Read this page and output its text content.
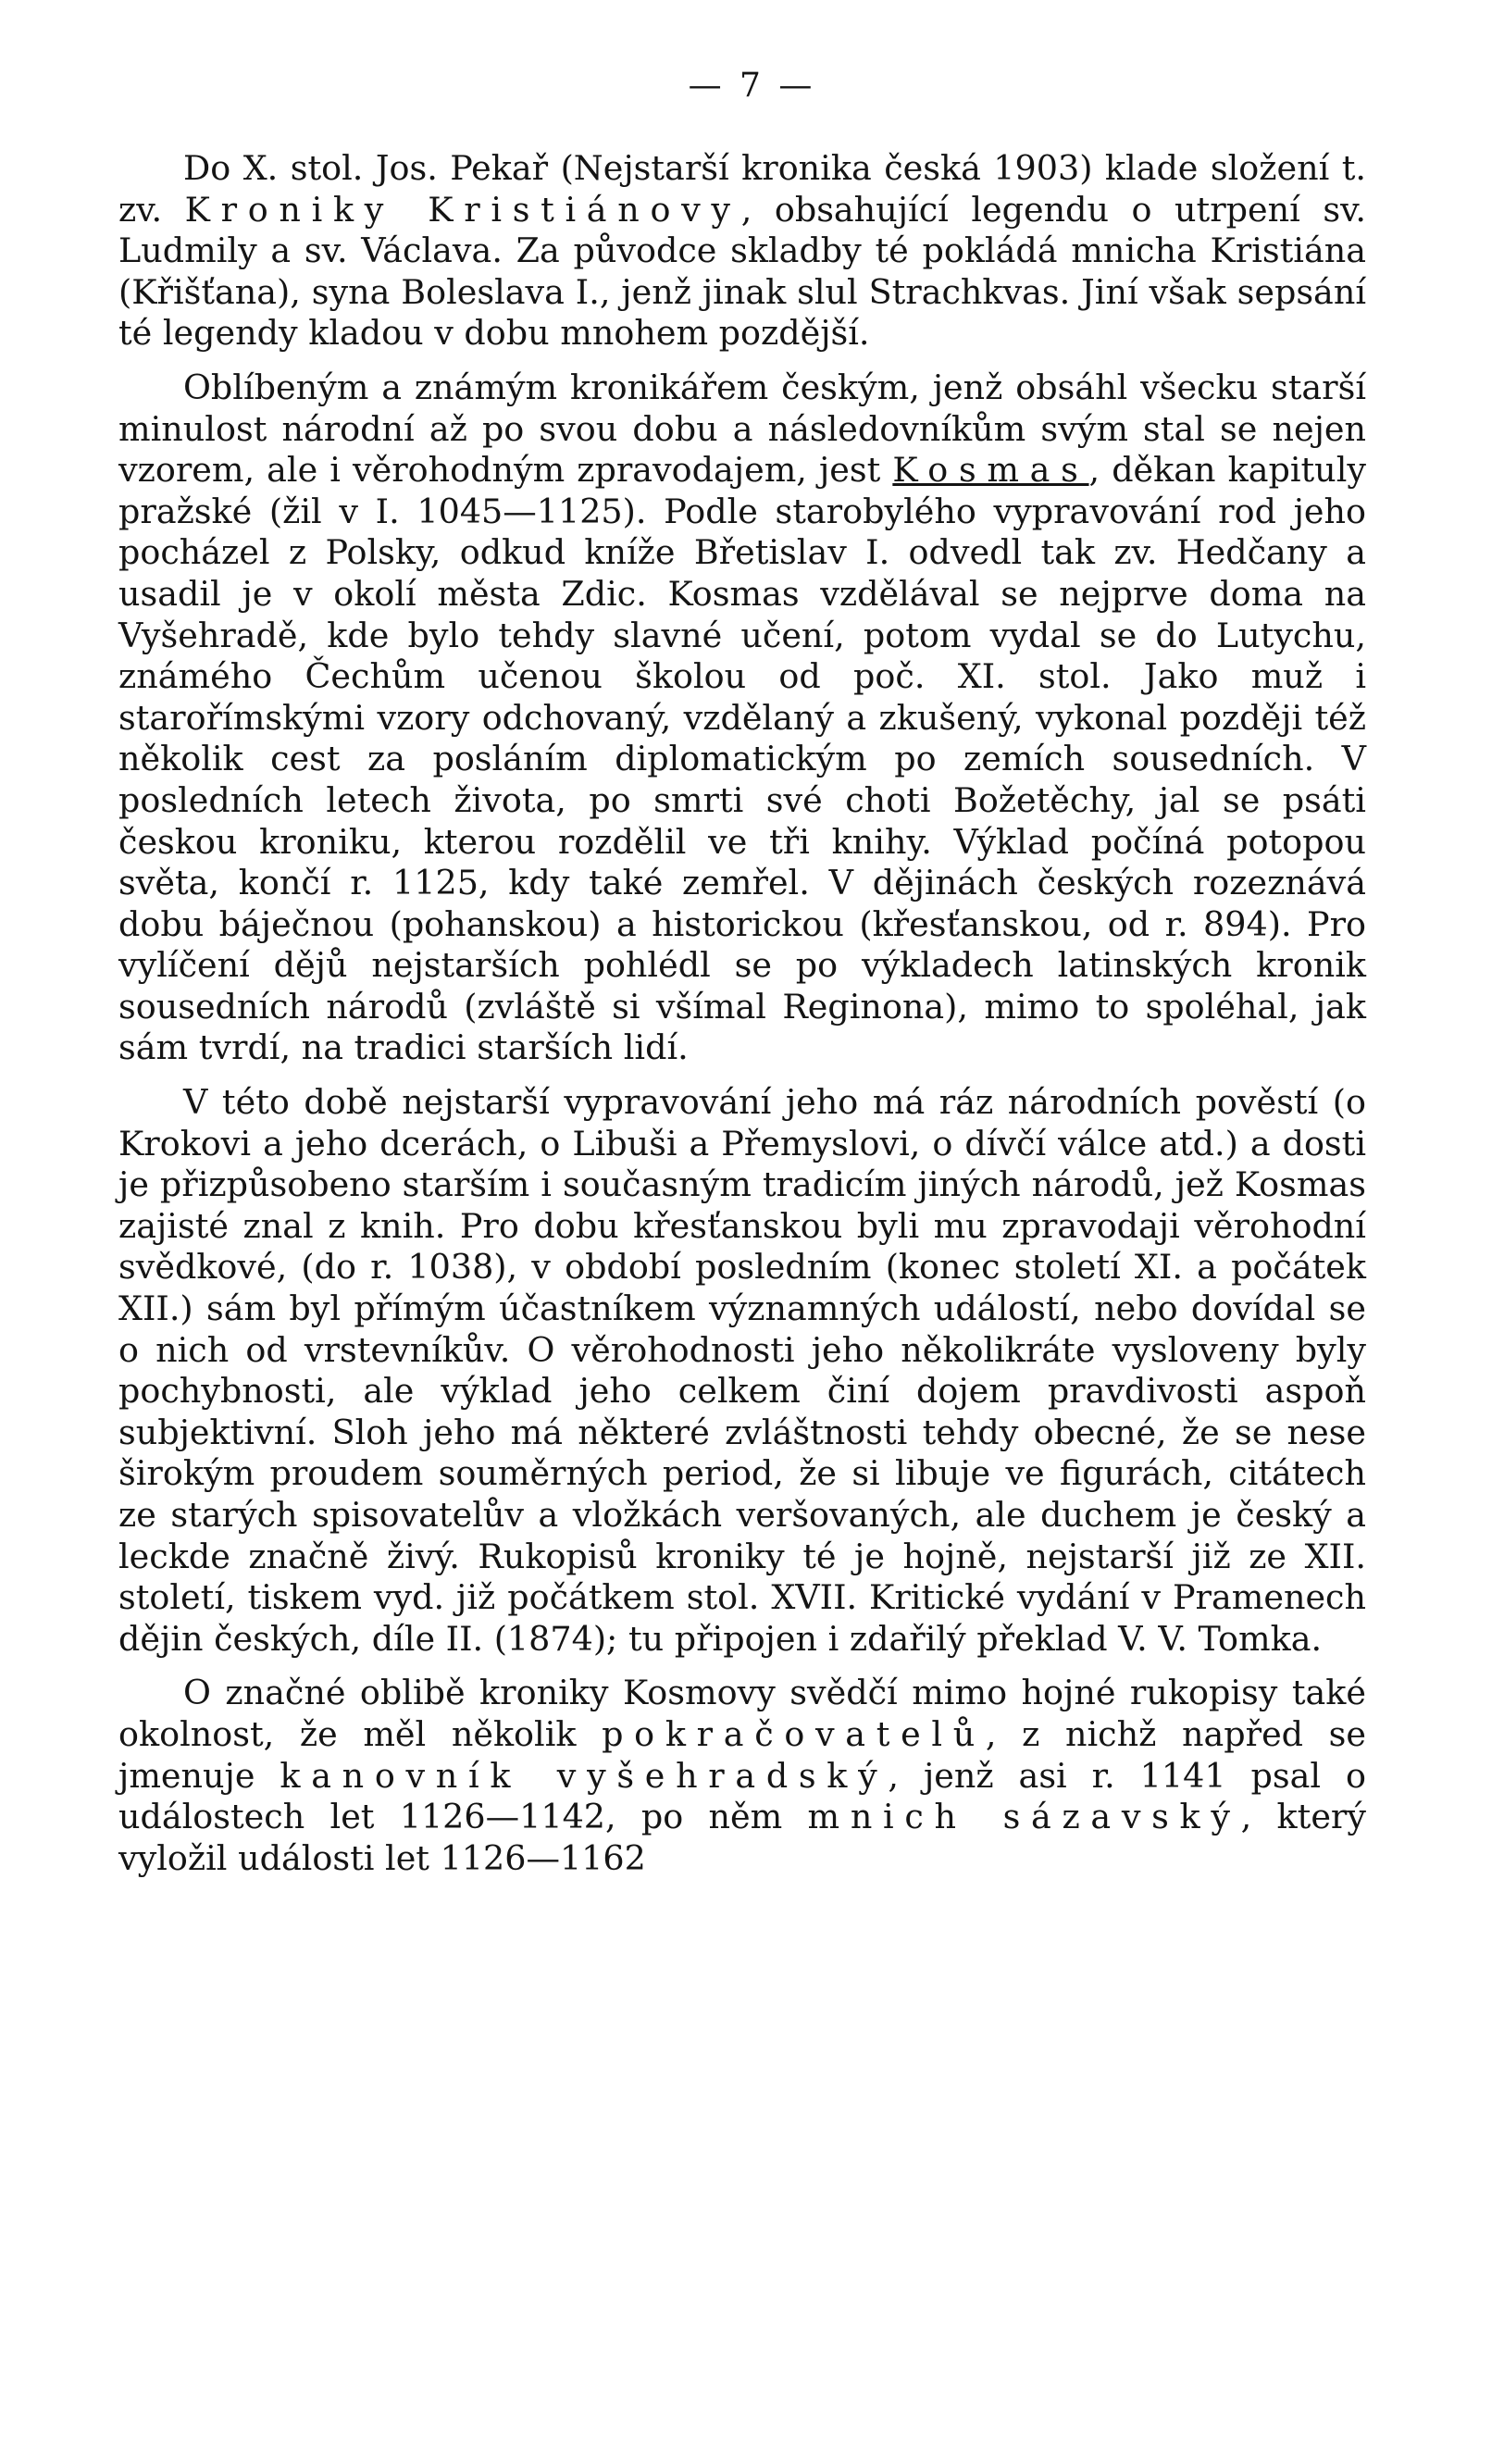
— 7 —

Do X. stol. Jos. Pekař (Nejstarší kronika česká 1903) klade složení t. zv. Kroniky Kristiánovy, obsahující legendu o utrpení sv. Ludmily a sv. Václava. Za původce skladby té pokládá mnicha Kristiána (Křišťana), syna Boleslava I., jenž jinak slul Strachkvas. Jiní však sepsání té legendy kladou v dobu mnohem pozdější.

Oblíbeným a známým kronikářem českým, jenž obsáhl všecku starší minulost národní až po svou dobu a následovníkům svým stal se nejen vzorem, ale i věrohodným zpravodajem, jest Kosmas, děkan kapituly pražské (žil v I. 1045—1125). Podle starobylého vypravování rod jeho pocházel z Polsky, odkud kníže Břetislav I. odvedl tak zv. Hedčany a usadil je v okolí města Zdic. Kosmas vzdělával se nejprve doma na Vyšehradě, kde bylo tehdy slavné učení, potom vydal se do Lutychu, známého Čechům učenou školou od poč. XI. stol. Jako muž i starořímskými vzory odchovaný, vzdělaný a zkušený, vykonal později též několik cest za posláním diplomatickým po zemích sousedních. V posledních letech života, po smrti své choti Božetěchy, jal se psáti českou kroniku, kterou rozdělil ve tři knihy. Výklad počíná potopou světa, končí r. 1125, kdy také zemřel. V dějinách českých rozeznává dobu báječnou (pohanskou) a historickou (křesťanskou, od r. 894). Pro vylíčení dějů nejstarších pohlédl se po výkladech latinských kronik sousedních národů (zvláště si všímal Reginona), mimo to spoléhal, jak sám tvrdí, na tradici starších lidí.

V této době nejstarší vypravování jeho má ráz národních pověstí (o Krokovi a jeho dcerách, o Libuši a Přemyslovi, o dívčí válce atd.) a dosti je přizpůsobeno starším i současným tradicím jiných národů, jež Kosmas zajisté znal z knih. Pro dobu křesťanskou byli mu zpravodaji věrohodní svědkové, (do r. 1038), v období posledním (konec století XI. a počátek XII.) sám byl přímým účastníkem významných událostí, nebo dovídal se o nich od vrstevníkův. O věrohodnosti jeho několikráte vysloveny byly pochybnosti, ale výklad jeho celkem činí dojem pravdivosti aspoň subjektivní. Sloh jeho má některé zvláštnosti tehdy obecné, že se nese širokým proudem souměrných period, že si libuje ve figurách, citátech ze starých spisovatelův a vložkách veršovaných, ale duchem je český a leckde značně živý. Rukopisů kroniky té je hojně, nejstarší již ze XII. století, tiskem vyd. již počátkem stol. XVII. Kritické vydání v Pramenech dějin českých, díle II. (1874); tu připojen i zdařilý překlad V. V. Tomka.

O značné oblibě kroniky Kosmovy svědčí mimo hojné rukopisy také okolnost, že měl několik pokračovatelů, z nichž napřed se jmenuje kanovník vyšehradský, jenž asi r. 1141 psal o událostech let 1126—1142, po něm mnich sázavský, který vyložil události let 1126—1162
